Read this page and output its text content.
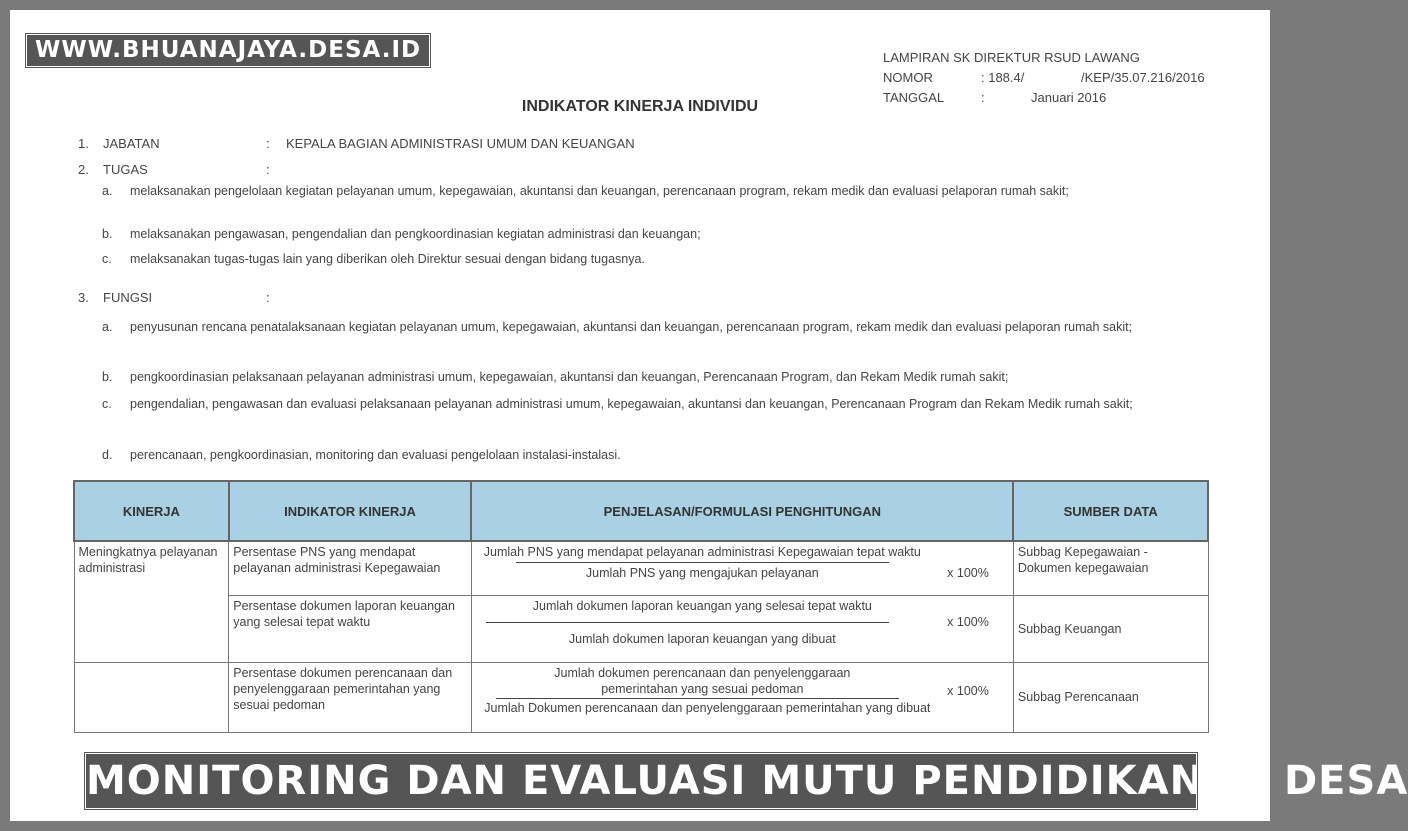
WWW.BHUANAJAYA.DESA.ID	LAMPIRAN SK DIREKTUR RSUD LAWANG
NOMOR	: 188.4/	/KEP/35.07.216/2016
TANGGAL	:	Januari 2016
INDIKATOR KINERJA INDIVIDU
1. JABATAN	: KEPALA BAGIAN ADMINISTRASI UMUM DAN KEUANGAN
2. TUGAS	:
a. melaksanakan pengelolaan kegiatan pelayanan umum, kepegawaian, akuntansi dan keuangan, perencanaan program, rekam medik dan evaluasi pelaporan rumah sakit;
b. melaksanakan pengawasan, pengendalian dan pengkoordinasian kegiatan administrasi dan keuangan;
c. melaksanakan tugas-tugas lain yang diberikan oleh Direktur sesuai dengan bidang tugasnya.
3. FUNGSI	:
a. penyusunan rencana penatalaksanaan kegiatan pelayanan umum, kepegawaian, akuntansi dan keuangan, perencanaan program, rekam medik dan evaluasi pelaporan rumah sakit;
b. pengkoordinasian pelaksanaan pelayanan administrasi umum, kepegawaian, akuntansi dan keuangan, Perencanaan Program, dan Rekam Medik rumah sakit;
c. pengendalian, pengawasan dan evaluasi pelaksanaan pelayanan administrasi umum, kepegawaian, akuntansi dan keuangan, Perencanaan Program dan Rekam Medik rumah sakit;
d. perencanaan, pengkoordinasian, monitoring dan evaluasi pengelolaan instalasi-instalasi.
KINERJA	INDIKATOR KINERJA	PENJELASAN/FORMULASI PENGHITUNGAN	SUMBER DATA
Meningkatnya pelayanan administrasi	Persentase PNS yang mendapat pelayanan administrasi Kepegawaian	Jumlah PNS yang mendapat pelayanan administrasi Kepegawaian tepat waktu
Jumlah PNS yang mengajukan pelayanan x 100%	Subbag Kepegawaian - Dokumen kepegawaian
	Persentase dokumen laporan keuangan yang selesai tepat waktu	Jumlah dokumen laporan keuangan yang selesai tepat waktu
Jumlah dokumen laporan keuangan yang dibuat
x 100%	Subbag Keuangan
	Persentase dokumen perencanaan dan penyelenggaraan pemerintahan yang sesuai pedoman	Jumlah dokumen perencanaan dan penyelenggaraan pemerintahan yang sesuai pedoman
Jumlah Dokumen perencanaan dan penyelenggaraan pemerintahan yang dibuat
x 100%	Subbag Perencanaan
MONITORING DAN EVALUASI MUTU PENDIDIKAN DI DESA
